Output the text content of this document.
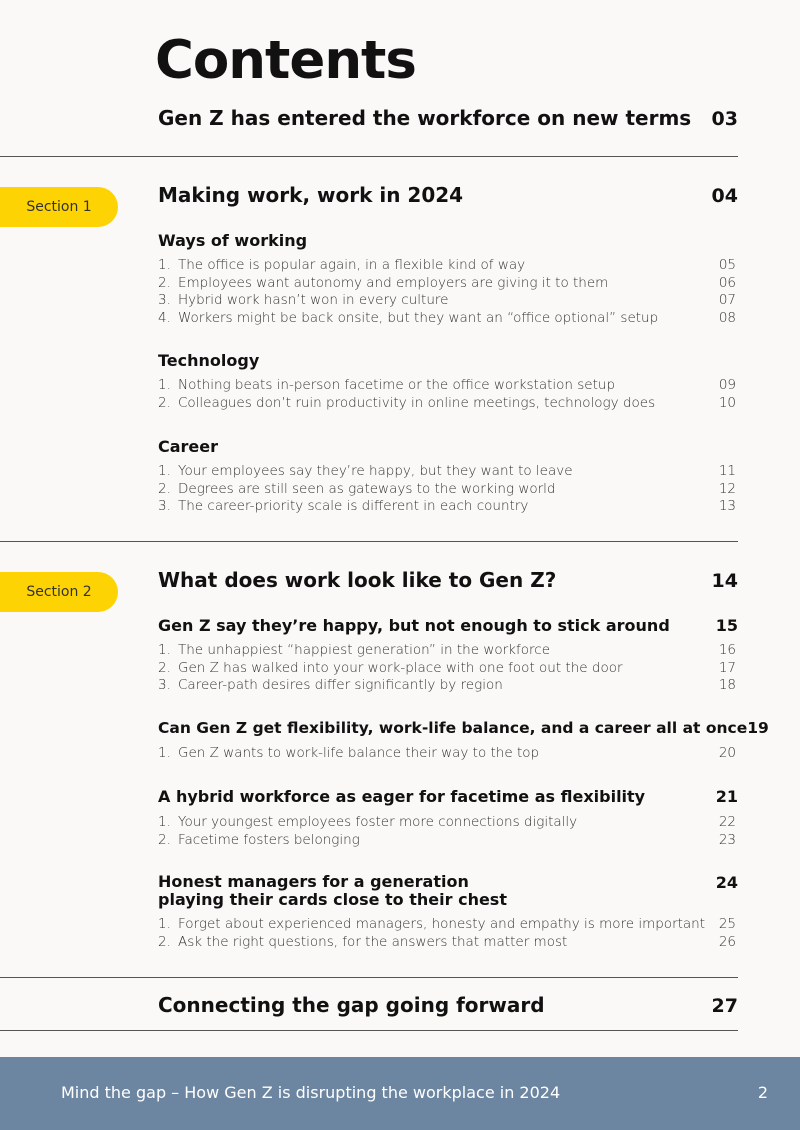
Contents
Gen Z has entered the workforce on new terms 03
Section 1	Making work, work in 2024	04
Ways of working
1. The office is popular again, in a flexible kind of way	05
2. Employees want autonomy and employers are giving it to them	06
3. Hybrid work hasn’t won in every culture	07
4. Workers might be back onsite, but they want an “office optional” setup	08
Technology
1. Nothing beats in-person facetime or the office workstation setup	09
2. Colleagues don’t ruin productivity in online meetings, technology does	10
Career
1. Your employees say they’re happy, but they want to leave	11
2. Degrees are still seen as gateways to the working world	12
3. The career-priority scale is different in each country	13
Section 2	What does work look like to Gen Z?	14
Gen Z say they’re happy, but not enough to stick around	15
1. The unhappiest “happiest generation” in the workforce	16
2. Gen Z has walked into your work-place with one foot out the door	17
3. Career-path desires differ significantly by region	18
Can Gen Z get flexibility, work-life balance, and a career all at once 19
1. Gen Z wants to work-life balance their way to the top	20
A hybrid workforce as eager for facetime as flexibility	21
1. Your youngest employees foster more connections digitally	22
2. Facetime fosters belonging	23
Honest managers for a generation
playing their cards close to their chest
24
1. Forget about experienced managers, honesty and empathy is more important 25
2. Ask the right questions, for the answers that matter most	26
Connecting the gap going forward	27
Mind the gap – How Gen Z is disrupting the workplace in 2024	2
